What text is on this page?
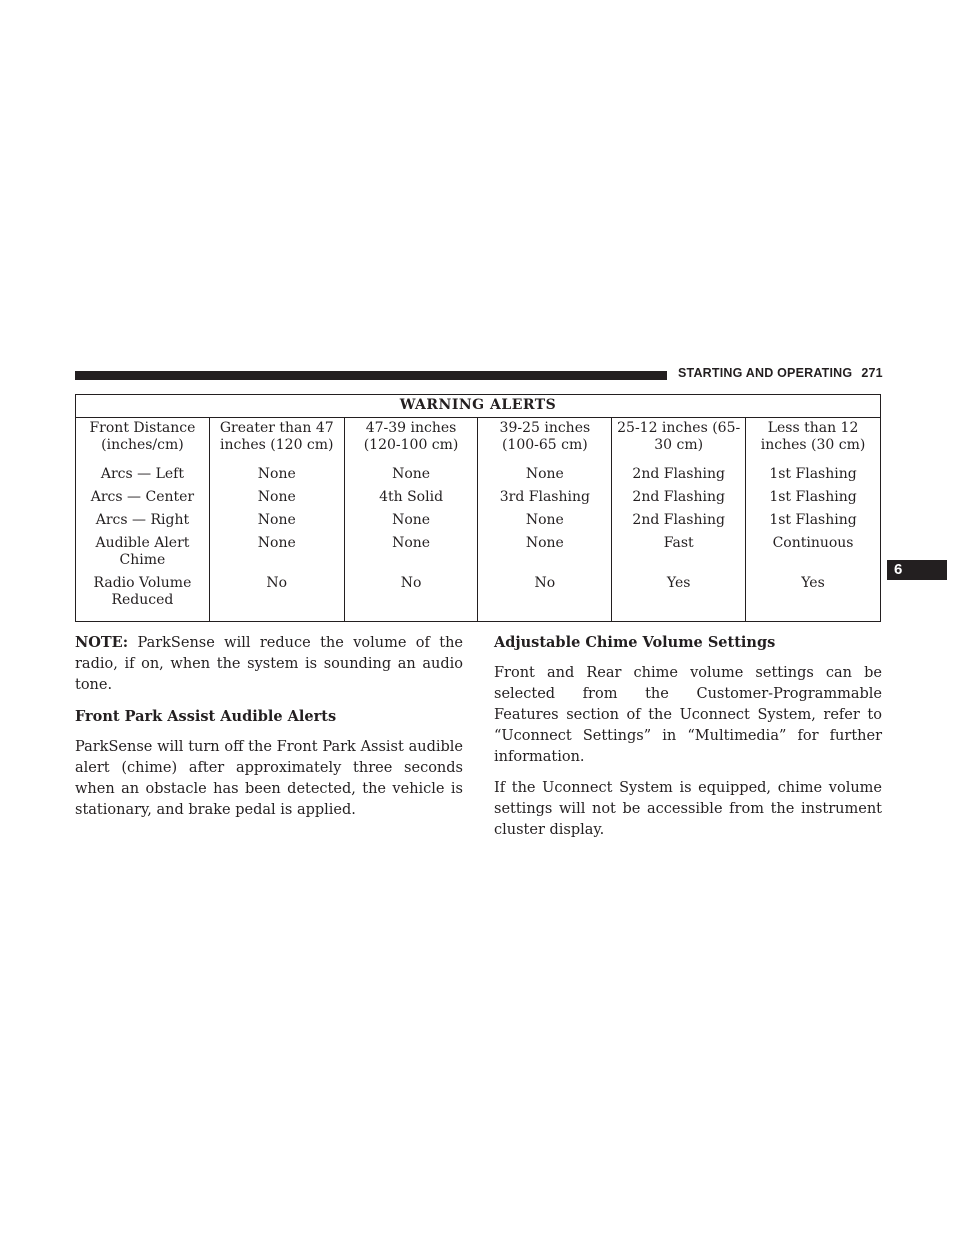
STARTING AND OPERATING 271
6
WARNING ALERTS					
Front Distance (inches/cm)	Greater than 47 inches (120 cm)	47-39 inches (120-100 cm)	39-25 inches (100-65 cm)	25-12 inches (65-30 cm)	Less than 12 inches (30 cm)
Arcs — Left	None	None	None	2nd Flashing	1st Flashing
Arcs — Center	None	4th Solid	3rd Flashing	2nd Flashing	1st Flashing
Arcs — Right	None	None	None	2nd Flashing	1st Flashing
Audible Alert Chime	None	None	None	Fast	Continuous
Radio Volume Reduced	No	No	No	Yes	Yes

NOTE: ParkSense will reduce the volume of the radio, if on, when the system is sounding an audio tone.

Front Park Assist Audible Alerts

ParkSense will turn off the Front Park Assist audible alert (chime) after approximately three seconds when an obstacle has been detected, the vehicle is stationary, and brake pedal is applied.

Adjustable Chime Volume Settings

Front and Rear chime volume settings can be selected from the Customer-Programmable Features section of the Uconnect System, refer to “Uconnect Settings” in “Multimedia” for further information.

If the Uconnect System is equipped, chime volume settings will not be accessible from the instrument cluster display.
